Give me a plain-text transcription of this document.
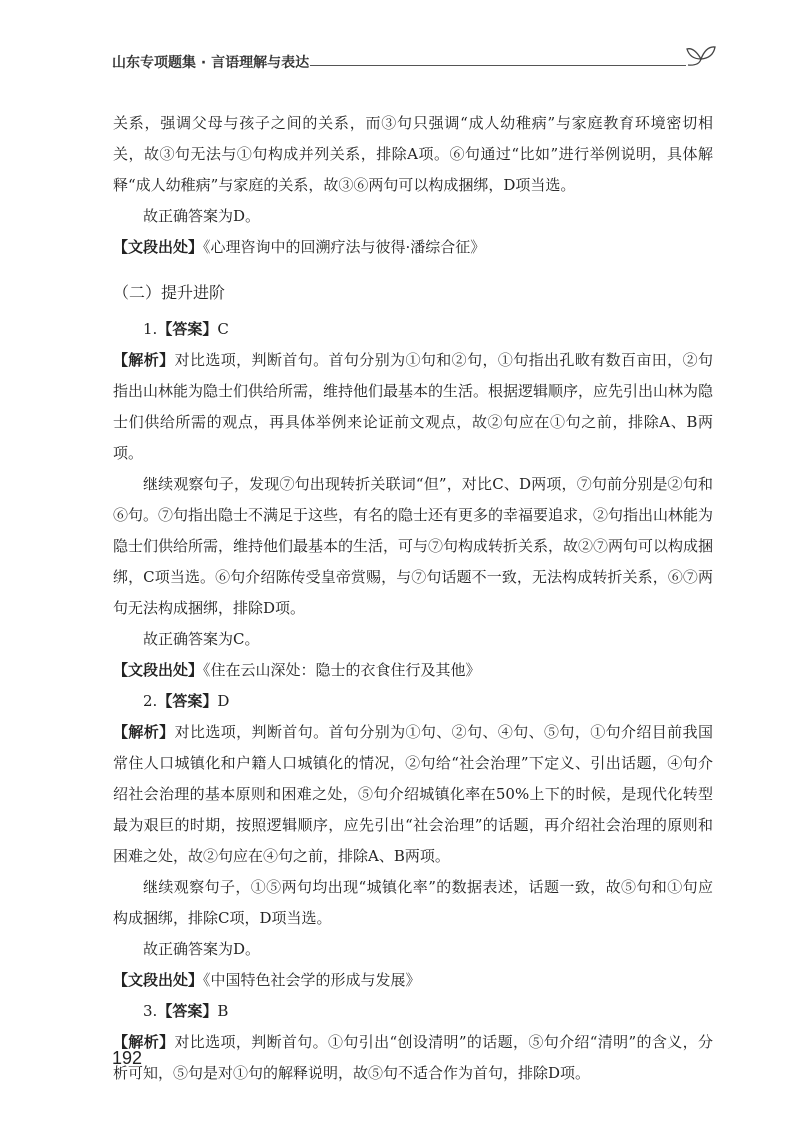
山东专项题集 · 言语理解与表达

关系，强调父母与孩子之间的关系，而③句只强调“成人幼稚病”与家庭教育环境密切相关，故③句无法与①句构成并列关系，排除A项。⑥句通过“比如”进行举例说明，具体解释“成人幼稚病”与家庭的关系，故③⑥两句可以构成捆绑，D项当选。

故正确答案为D。

【文段出处】《心理咨询中的回溯疗法与彼得·潘综合征》

（二）提升进阶

1.【答案】C

【解析】对比选项，判断首句。首句分别为①句和②句，①句指出孔畋有数百亩田，②句指出山林能为隐士们供给所需，维持他们最基本的生活。根据逻辑顺序，应先引出山林为隐士们供给所需的观点，再具体举例来论证前文观点，故②句应在①句之前，排除A、B两项。

继续观察句子，发现⑦句出现转折关联词“但”，对比C、D两项，⑦句前分别是②句和⑥句。⑦句指出隐士不满足于这些，有名的隐士还有更多的幸福要追求，②句指出山林能为隐士们供给所需，维持他们最基本的生活，可与⑦句构成转折关系，故②⑦两句可以构成捆绑，C项当选。⑥句介绍陈传受皇帝赏赐，与⑦句话题不一致，无法构成转折关系，⑥⑦两句无法构成捆绑，排除D项。

故正确答案为C。

【文段出处】《住在云山深处：隐士的衣食住行及其他》

2.【答案】D

【解析】对比选项，判断首句。首句分别为①句、②句、④句、⑤句，①句介绍目前我国常住人口城镇化和户籍人口城镇化的情况，②句给“社会治理”下定义、引出话题，④句介绍社会治理的基本原则和困难之处，⑤句介绍城镇化率在50%上下的时候，是现代化转型最为艰巨的时期，按照逻辑顺序，应先引出“社会治理”的话题，再介绍社会治理的原则和困难之处，故②句应在④句之前，排除A、B两项。

继续观察句子，①⑤两句均出现“城镇化率”的数据表述，话题一致，故⑤句和①句应构成捆绑，排除C项，D项当选。

故正确答案为D。

【文段出处】《中国特色社会学的形成与发展》

3.【答案】B

【解析】对比选项，判断首句。①句引出“创设清明”的话题，⑤句介绍“清明”的含义，分析可知，⑤句是对①句的解释说明，故⑤句不适合作为首句，排除D项。

192
